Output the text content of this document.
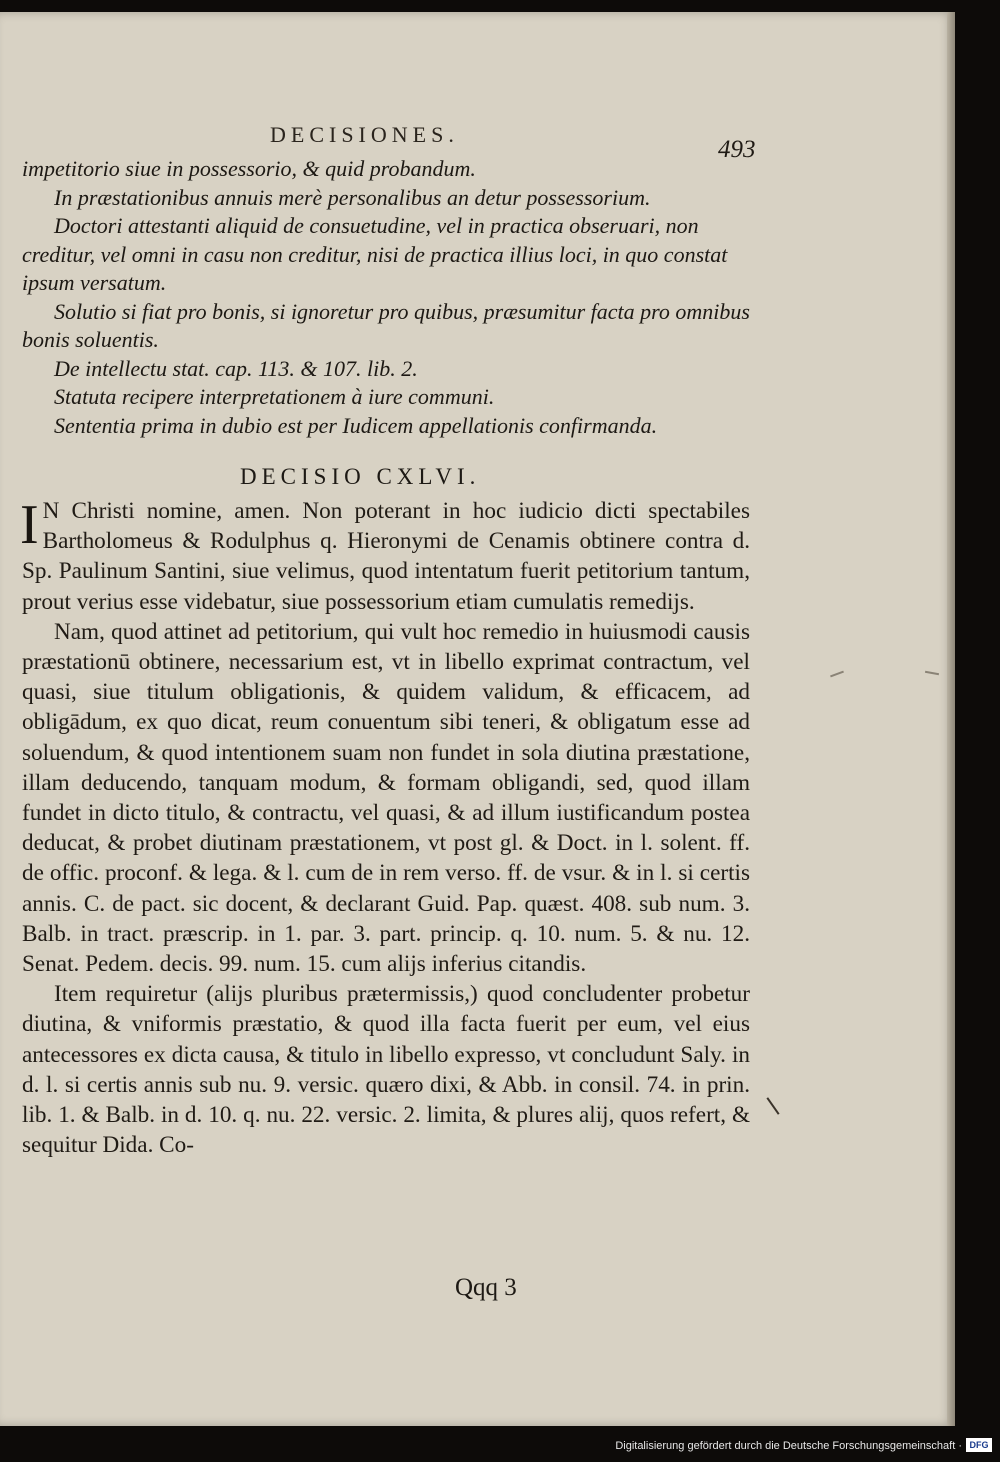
DECISIONES.
493
impetitorio siue in possessorio, & quid probandum.
In præstationibus annuis merè personalibus an detur possessorium.
Doctori attestanti aliquid de consuetudine, vel in practica obseruari, non creditur, vel omni in casu non creditur, nisi de practica illius loci, in quo constat ipsum versatum.
Solutio si fiat pro bonis, si ignoretur pro quibus, præsumitur facta pro omnibus bonis soluentis.
De intellectu stat. cap. 113. & 107. lib. 2.
Statuta recipere interpretationem à iure communi.
Sententia prima in dubio est per Iudicem appellationis confirmanda.
DECISIO CXLVI.

I N Christi nomine, amen. Non poterant in hoc iudicio dicti spectabiles Bartholomeus & Rodulphus q. Hieronymi de Cenamis obtinere contra d. Sp. Paulinum Santini, siue velimus, quod intentatum fuerit petitorium tantum, prout verius esse videbatur, siue possessorium etiam cumulatis remedijs.

Nam, quod attinet ad petitorium, qui vult hoc remedio in huiusmodi causis præstationū obtinere, necessarium est, vt in libello exprimat contractum, vel quasi, siue titulum obligationis, & quidem validum, & efficacem, ad obligādum, ex quo dicat, reum conuentum sibi teneri, & obligatum esse ad soluendum, & quod intentionem suam non fundet in sola diutina præstatione, illam deducendo, tanquam modum, & formam obligandi, sed, quod illam fundet in dicto titulo, & contractu, vel quasi, & ad illum iustificandum postea deducat, & probet diutinam præstationem, vt post gl. & Doct. in l. solent. ff. de offic. proconf. & lega. & l. cum de in rem verso. ff. de vsur. & in l. si certis annis. C. de pact. sic docent, & declarant Guid. Pap. quæst. 408. sub num. 3. Balb. in tract. præscrip. in 1. par. 3. part. princip. q. 10. num. 5. & nu. 12. Senat. Pedem. decis. 99. num. 15. cum alijs inferius citandis.

Item requiretur (alijs pluribus prætermissis,) quod concludenter probetur diutina, & vniformis præstatio, & quod illa facta fuerit per eum, vel eius antecessores ex dicta causa, & titulo in libello expresso, vt concludunt Saly. in d. l. si certis annis sub nu. 9. versic. quæro dixi, & Abb. in consil. 74. in prin. lib. 1. & Balb. in d. 10. q. nu. 22. versic. 2. limita, & plures alij, quos refert, & sequitur Dida. Co-

Qqq 3
Digitalisierung gefördert durch die Deutsche Forschungsgemeinschaft · DFG
